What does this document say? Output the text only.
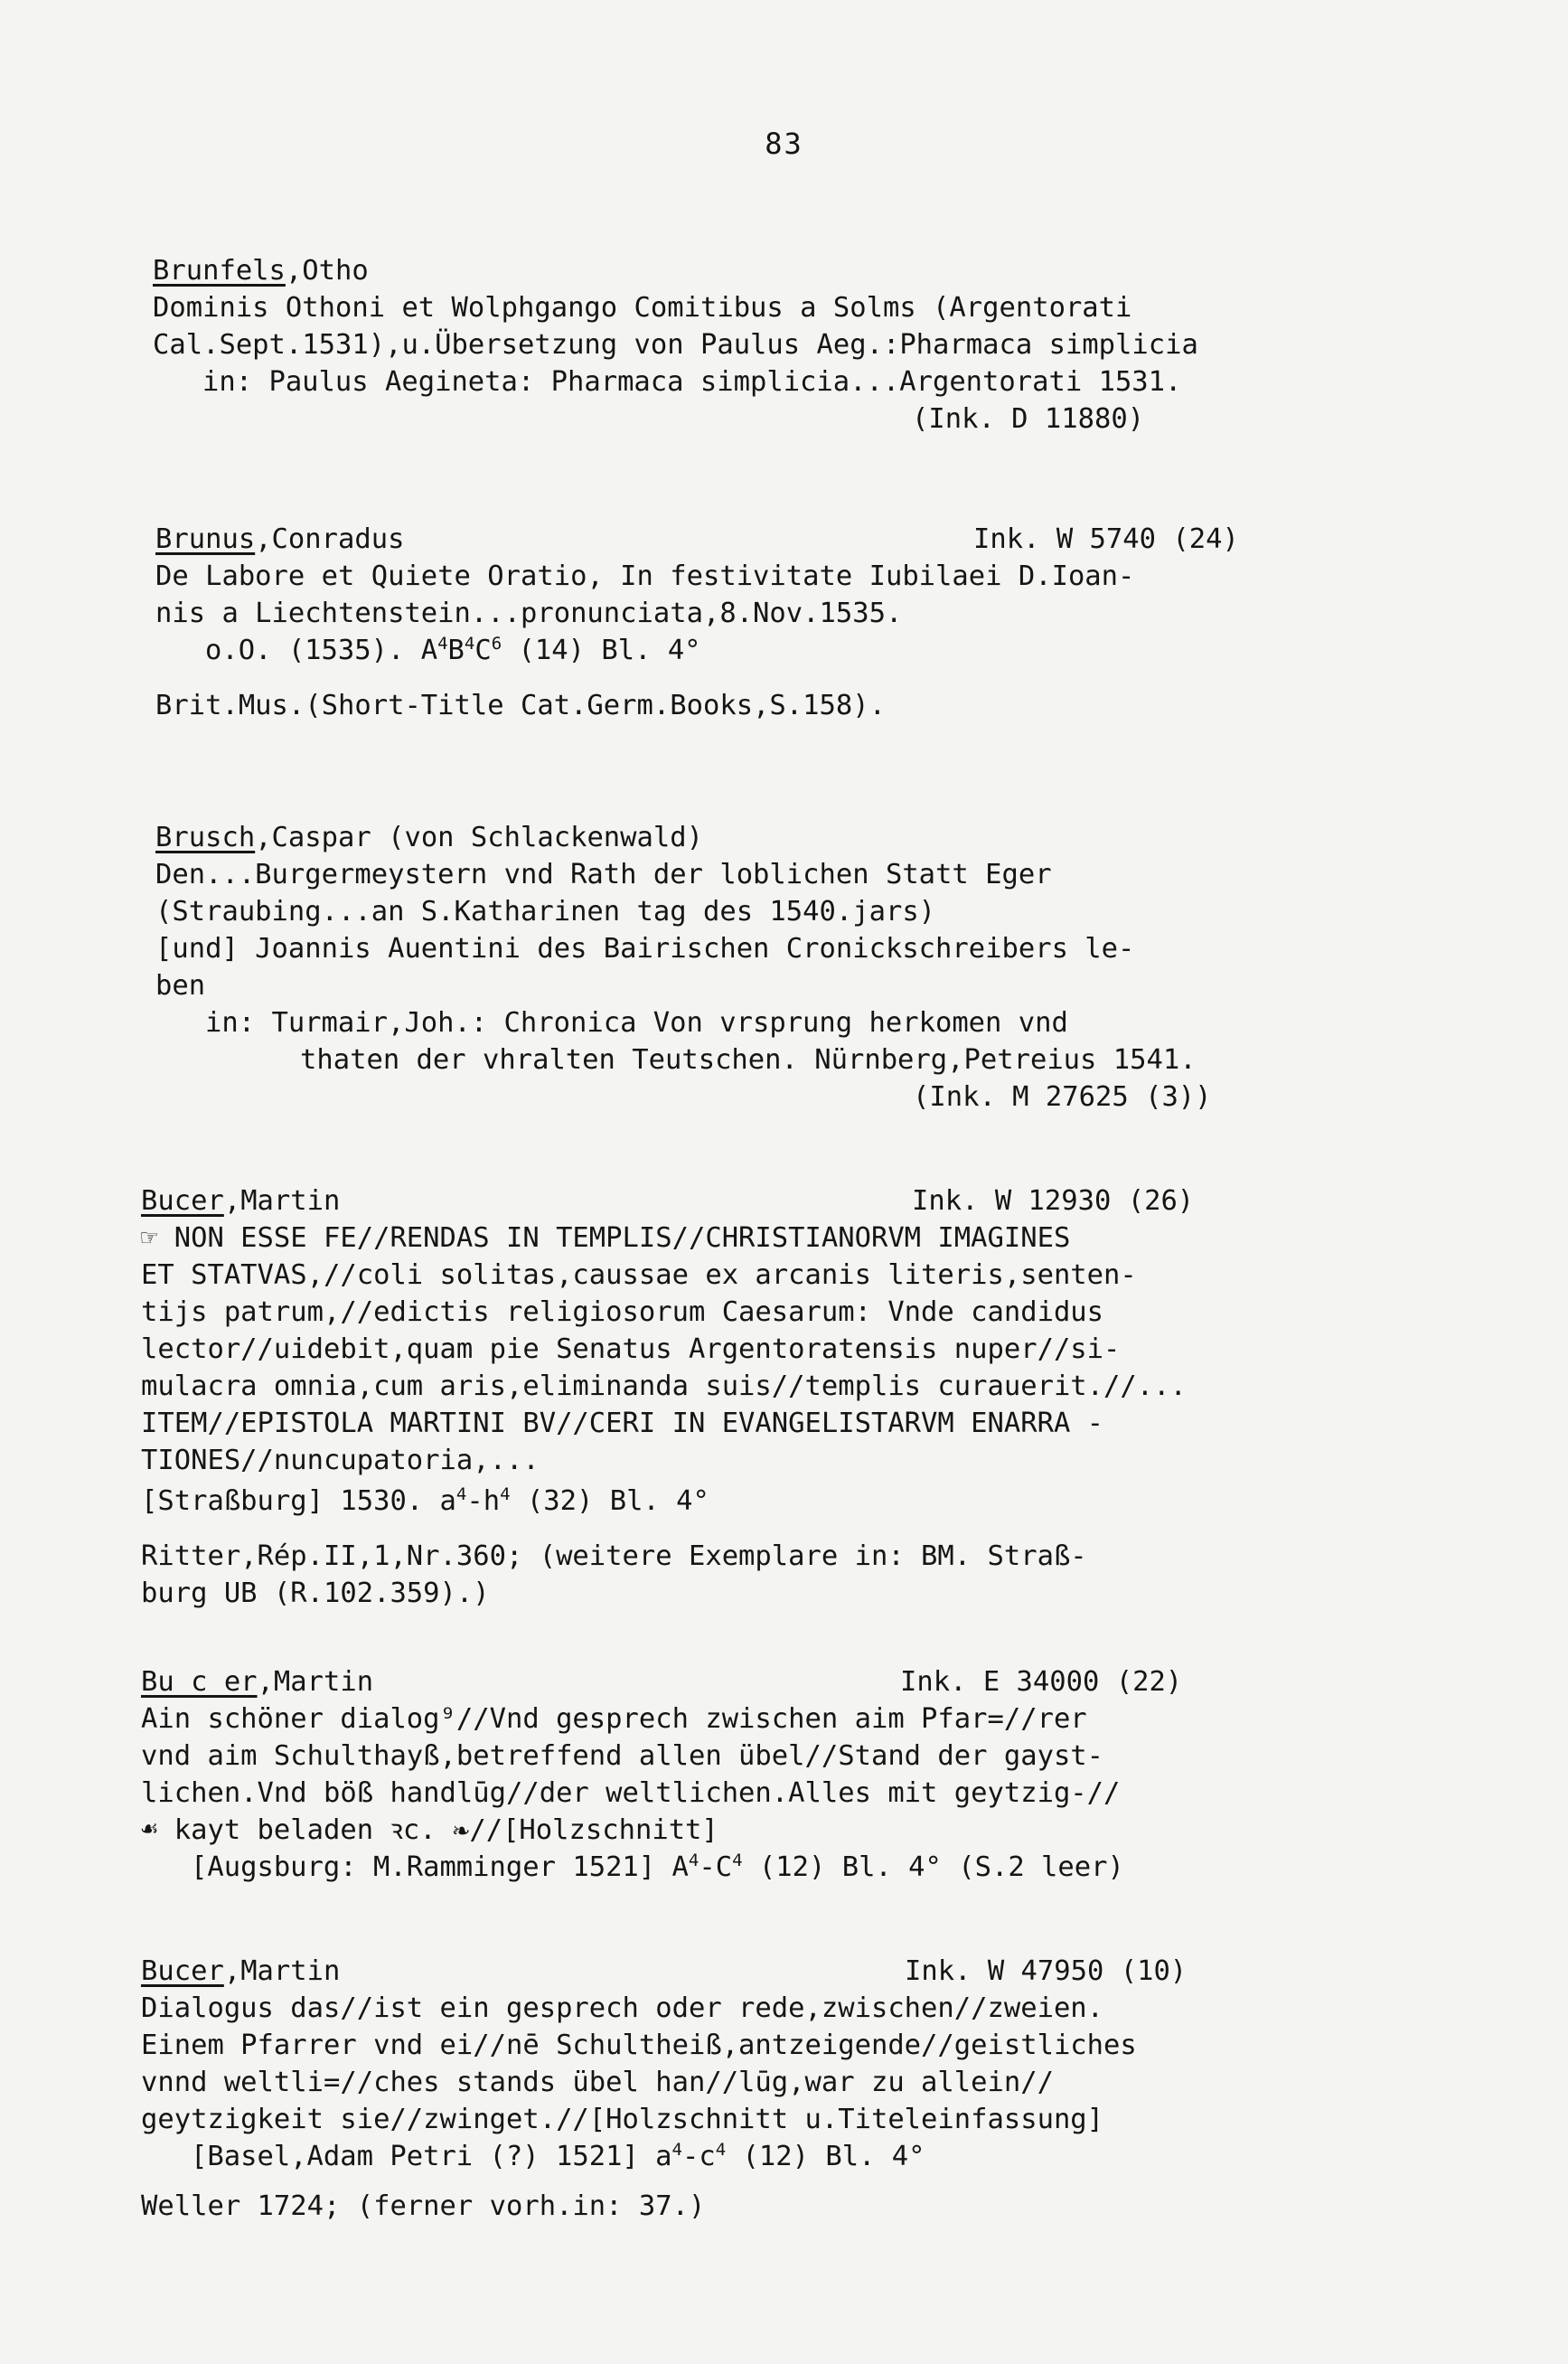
83
Brunfels,Otho
Dominis Othoni et Wolphgango Comitibus a Solms (Argentorati
Cal.Sept.1531),u.Übersetzung von Paulus Aeg.:Pharmaca simplicia
in: Paulus Aegineta: Pharmaca simplicia...Argentorati 1531.
(Ink. D 11880)
Brunus,Conradus	Ink. W 5740 (24)
De Labore et Quiete Oratio, In festivitate Iubilaei D.Ioan-
nis a Liechtenstein...pronunciata,8.Nov.1535.
o.O. (1535). $A^4B^4C^6$ (14) Bl. 4°
Brit.Mus.(Short-Title Cat.Germ.Books,S.158).
Brusch,Caspar (von Schlackenwald)
Den...Burgermeystern vnd Rath der loblichen Statt Eger
(Straubing...an S.Katharinen tag des 1540.jars)
[und] Joannis Auentini des Bairischen Cronickschreibers le-
ben
in: Turmair,Joh.: Chronica Von vrsprung herkomen vnd
thaten der vhralten Teutschen. Nürnberg,Petreius 1541.
(Ink. M 27625 (3))
Bucer,Martin	Ink. W 12930 (26)
☞ NON ESSE FE//RENDAS IN TEMPLIS//CHRISTIANORVM IMAGINES
ET STATVAS,//coli solitas,caussae ex arcanis literis,senten-
tijs patrum,//edictis religiosorum Caesarum: Vnde candidus
lector//uidebit,quam pie Senatus Argentoratensis nuper//si-
mulacra omnia,cum aris,eliminanda suis//templis curauerit.//...
ITEM//EPISTOLA MARTINI BV//CERI IN EVANGELISTARVM ENARRA -
TIONES//nuncupatoria,...
[Straßburg] 1530. $a^4-h^4$ (32) Bl. 4°
Ritter,Rép.II,1,Nr.360; (weitere Exemplare in: BM. Straß-
burg UB (R.102.359).)
Bu c er,Martin	Ink. E 34000 (22)
Ain schöner dialog⁹//Vnd gesprech zwischen aim Pfar=//rer
vnd aim Schulthayß,betreffend allen übel//Stand der gayst-
lichen.Vnd böß handlūg//der weltlichen.Alles mit geytzig-//
☙ kayt beladen ꝛc. ❧//[Holzschnitt]
[Augsburg: M.Ramminger 1521] $A^4-C^4$ (12) Bl. 4° (S.2 leer)
Bucer,Martin	Ink. W 47950 (10)
Dialogus das//ist ein gesprech oder rede,zwischen//zweien.
Einem Pfarrer vnd ei//nē Schultheiß,antzeigende//geistliches
vnnd weltli=//ches stands übel han//lūg,war zu allein//
geytzigkeit sie//zwinget.//[Holzschnitt u.Titeleinfassung]
[Basel,Adam Petri (?) 1521] $a^4-c^4$ (12) Bl. 4°
Weller 1724; (ferner vorh.in: 37.)
